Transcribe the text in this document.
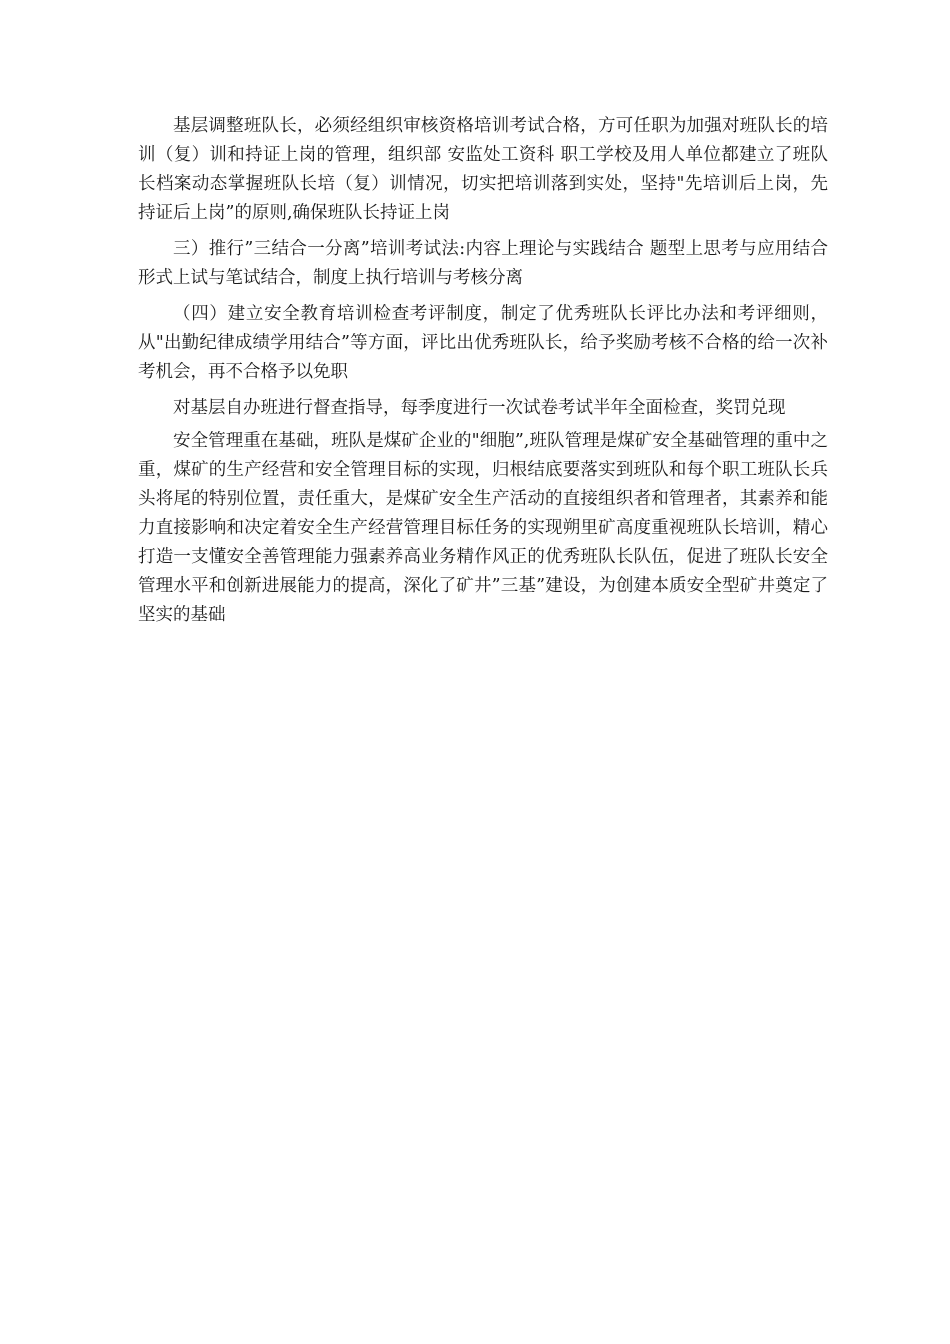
基层调整班队长，必须经组织审核资格培训考试合格，方可任职为加强对班队长的培训（复）训和持证上岗的管理，组织部 安监处工资科 职工学校及用人单位都建立了班队长档案动态掌握班队长培（复）训情况，切实把培训落到实处，坚持"先培训后上岗，先持证后上岗”的原则,确保班队长持证上岗

三）推行”三结合一分离”培训考试法:内容上理论与实践结合 题型上思考与应用结合形式上试与笔试结合，制度上执行培训与考核分离

（四）建立安全教育培训检查考评制度，制定了优秀班队长评比办法和考评细则，从"出勤纪律成绩学用结合”等方面，评比出优秀班队长，给予奖励考核不合格的给一次补考机会，再不合格予以免职

对基层自办班进行督查指导，每季度进行一次试卷考试半年全面检查，奖罚兑现

安全管理重在基础，班队是煤矿企业的"细胞”,班队管理是煤矿安全基础管理的重中之重，煤矿的生产经营和安全管理目标的实现，归根结底要落实到班队和每个职工班队长兵头将尾的特别位置，责任重大，是煤矿安全生产活动的直接组织者和管理者，其素养和能力直接影响和决定着安全生产经营管理目标任务的实现朔里矿高度重视班队长培训，精心打造一支懂安全善管理能力强素养高业务精作风正的优秀班队长队伍，促进了班队长安全管理水平和创新进展能力的提高，深化了矿井”三基”建设，为创建本质安全型矿井奠定了坚实的基础
